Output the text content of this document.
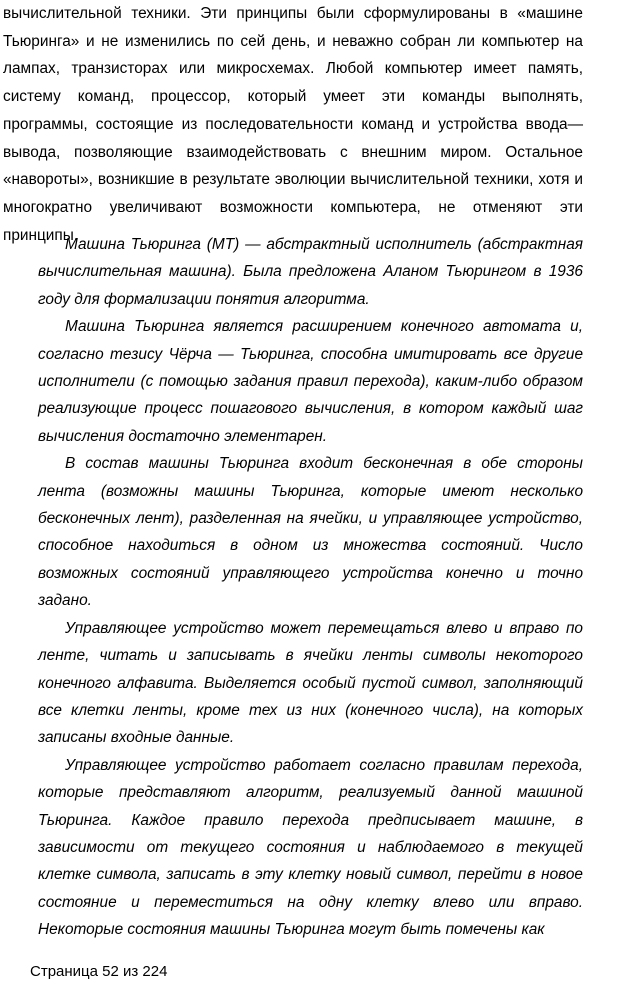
вычислительной техники. Эти принципы были сформулированы в «машине Тьюринга» и не изменились по сей день, и неважно собран ли компьютер на лампах, транзисторах или микросхемах. Любой компьютер имеет память, систему команд, процессор, который умеет эти команды выполнять, программы, состоящие из последовательности команд и устройства ввода—вывода, позволяющие взаимодействовать с внешним миром. Остальное «навороты», возникшие в результате эволюции вычислительной техники, хотя и многократно увеличивают возможности компьютера, не отменяют эти принципы.

Машина Тьюринга (МТ) — абстрактный исполнитель (абстрактная вычислительная машина). Была предложена Аланом Тьюрингом в 1936 году для формализации понятия алгоритма.

Машина Тьюринга является расширением конечного автомата и, согласно тезису Чёрча — Тьюринга, способна имитировать все другие исполнители (с помощью задания правил перехода), каким-либо образом реализующие процесс пошагового вычисления, в котором каждый шаг вычисления достаточно элементарен.

В состав машины Тьюринга входит бесконечная в обе стороны лента (возможны машины Тьюринга, которые имеют несколько бесконечных лент), разделенная на ячейки, и управляющее устройство, способное находиться в одном из множества состояний. Число возможных состояний управляющего устройства конечно и точно задано.

Управляющее устройство может перемещаться влево и вправо по ленте, читать и записывать в ячейки ленты символы некоторого конечного алфавита. Выделяется особый пустой символ, заполняющий все клетки ленты, кроме тех из них (конечного числа), на которых записаны входные данные.

Управляющее устройство работает согласно правилам перехода, которые представляют алгоритм, реализуемый данной машиной Тьюринга. Каждое правило перехода предписывает машине, в зависимости от текущего состояния и наблюдаемого в текущей клетке символа, записать в эту клетку новый символ, перейти в новое состояние и переместиться на одну клетку влево или вправо. Некоторые состояния машины Тьюринга могут быть помечены как

Страница 52 из 224
